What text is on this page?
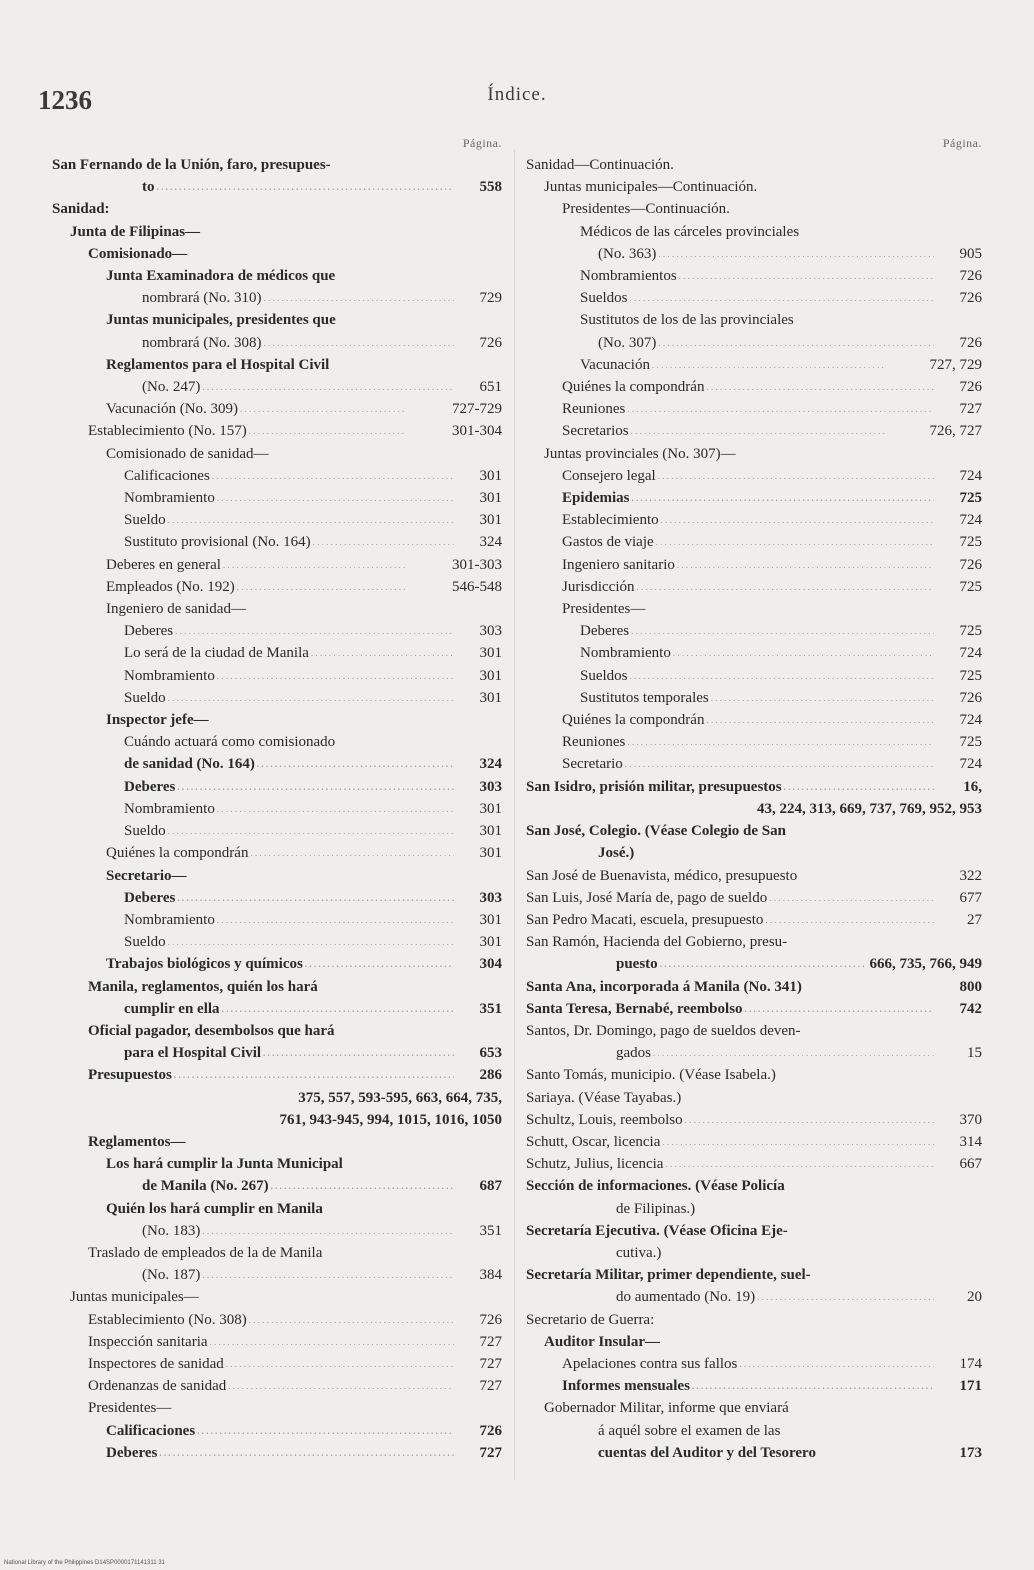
1236	Índice.
Página.
San Fernando de la Unión, faro, presupues-
to . . .	558
Sanidad:
Junta de Filipinas—
Comisionado—
Junta Examinadora de médicos que
nombrará (No. 310) . . .	729
Juntas municipales, presidentes que
nombrará (No. 308) . . .	726
Reglamentos para el Hospital Civil
(No. 247) . . .	651
Vacunación (No. 309) . . .	727-729
Establecimiento (No. 157) . . .	301-304
Comisionado de sanidad—
Calificaciones . . .	301
Nombramiento . . .	301
Sueldo . . .	301
Sustituto provisional (No. 164) . . .	324
Deberes en general . . .	301-303
Empleados (No. 192) . . .	546-548
Ingeniero de sanidad—
Deberes . . .	303
Lo será de la ciudad de Manila . . .	301
Nombramiento . . .	301
Sueldo . . .	301
Inspector jefe—
Cuándo actuará como comisionado
de sanidad (No. 164) . . .	324
Deberes . . .	303
Nombramiento . . .	301
Sueldo . . .	301
Quiénes la compondrán . . .	301
Secretario—
Deberes . . .	303
Nombramiento . . .	301
Sueldo . . .	301
Trabajos biológicos y químicos . . .	304
Manila, reglamentos, quién los hará
cumplir en ella . . .	351
Oficial pagador, desembolsos que hará
para el Hospital Civil . . .	653
Presupuestos . . .	286
375, 557, 593-595, 663, 664, 735,
761, 943-945, 994, 1015, 1016, 1050
Reglamentos—
Los hará cumplir la Junta Municipal
de Manila (No. 267) . . .	687
Quién los hará cumplir en Manila
(No. 183) . . .	351
Traslado de empleados de la de Manila
(No. 187) . . .	384
Juntas municipales—
Establecimiento (No. 308) . . .	726
Inspección sanitaria . . .	727
Inspectores de sanidad . . .	727
Ordenanzas de sanidad . . .	727
Presidentes—
Calificaciones . . .	726
Deberes . . .	727
Página.
Sanidad—Continuación.
Juntas municipales—Continuación.
Presidentes—Continuación.
Médicos de las cárceles provinciales
(No. 363) . . .	905
Nombramientos . . .	726
Sueldos . . .	726
Sustitutos de los de las provinciales
(No. 307) . . .	726
Vacunación . . .	727, 729
Quiénes la compondrán . . .	726
Reuniones . . .	727
Secretarios . . .	726, 727
Juntas provinciales (No. 307)—
Consejero legal . . .	724
Epidemias . . .	725
Establecimiento . . .	724
Gastos de viaje . . .	725
Ingeniero sanitario . . .	726
Jurisdicción . . .	725
Presidentes—
Deberes . . .	725
Nombramiento . . .	724
Sueldos . . .	725
Sustitutos temporales . . .	726
Quiénes la compondrán . . .	724
Reuniones . . .	725
Secretario . . .	724
San Isidro, prisión militar, presupuestos . . .	16,
43, 224, 313, 669, 737, 769, 952, 953
San José, Colegio. (Véase Colegio de San
José.)
San José de Buenavista, médico, presupuesto	322
San Luis, José María de, pago de sueldo . . .	677
San Pedro Macati, escuela, presupuesto . . .	27
San Ramón, Hacienda del Gobierno, presu-
puesto . . .	666, 735, 766, 949
Santa Ana, incorporada á Manila (No. 341)	800
Santa Teresa, Bernabé, reembolso . . .	742
Santos, Dr. Domingo, pago de sueldos deven-
gados . . .	15
Santo Tomás, municipio. (Véase Isabela.)
Sariaya. (Véase Tayabas.)
Schultz, Louis, reembolso . . .	370
Schutt, Oscar, licencia . . .	314
Schutz, Julius, licencia . . .	667
Sección de informaciones. (Véase Policía
de Filipinas.)
Secretaría Ejecutiva. (Véase Oficina Eje-
cutiva.)
Secretaría Militar, primer dependiente, suel-
do aumentado (No. 19) . . .	20
Secretario de Guerra:
Auditor Insular—
Apelaciones contra sus fallos . . .	174
Informes mensuales . . .	171
Gobernador Militar, informe que enviará
á aquél sobre el examen de las
cuentas del Auditor y del Tesorero	173
National Library of the Philippines D14SP0000171141311 31
